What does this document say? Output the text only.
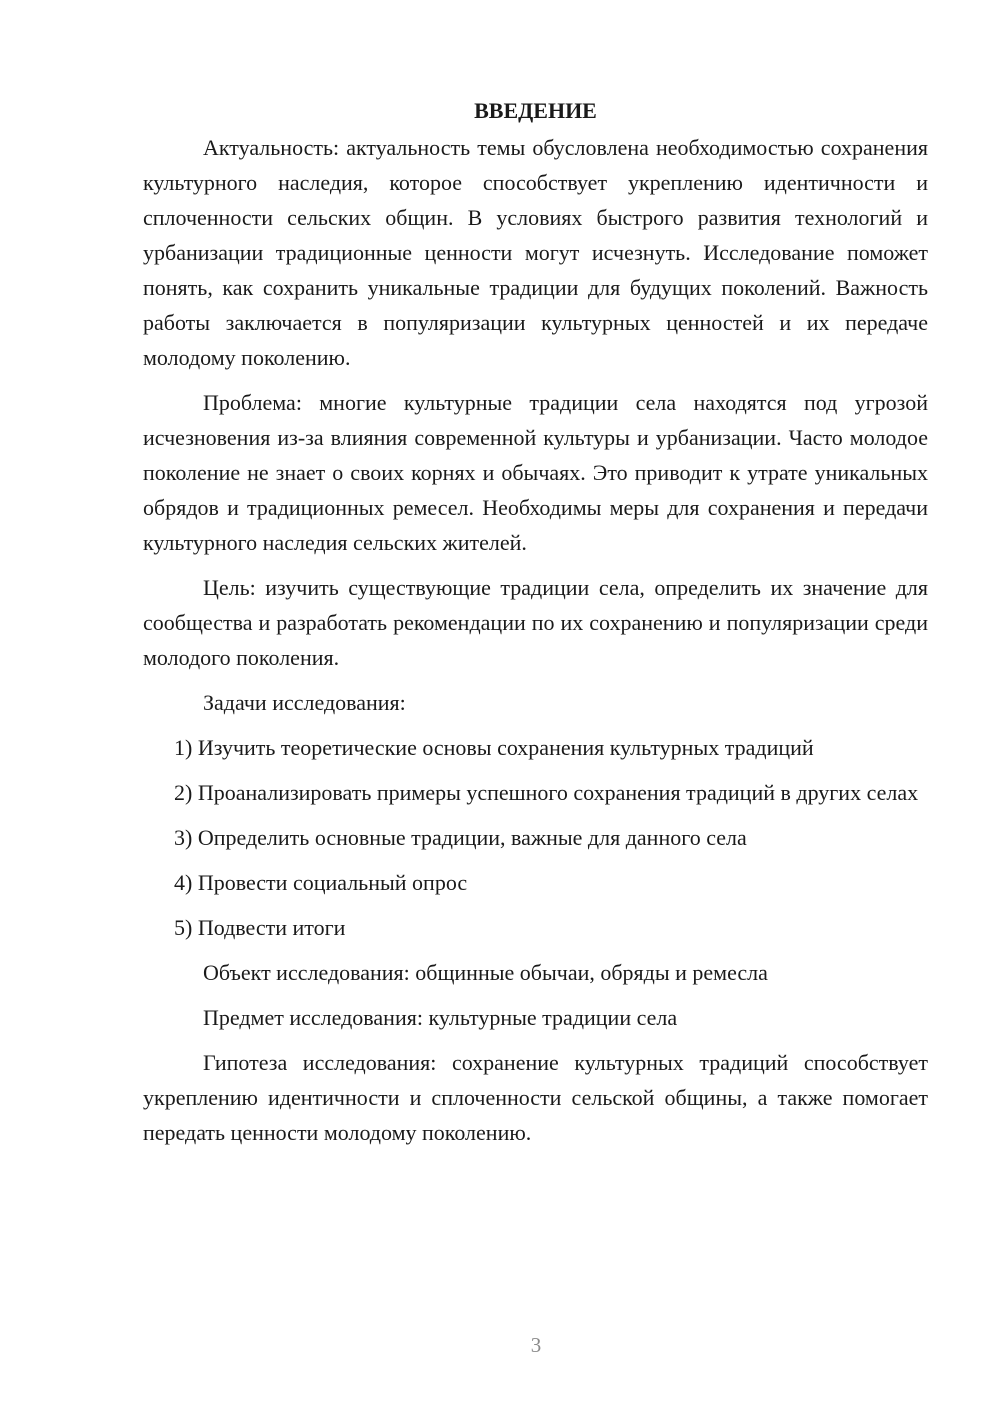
ВВЕДЕНИЕ

Актуальность: актуальность темы обусловлена необходимостью сохранения культурного наследия, которое способствует укреплению идентичности и сплоченности сельских общин. В условиях быстрого развития технологий и урбанизации традиционные ценности могут исчезнуть. Исследование поможет понять, как сохранить уникальные традиции для будущих поколений. Важность работы заключается в популяризации культурных ценностей и их передаче молодому поколению.

Проблема: многие культурные традиции села находятся под угрозой исчезновения из-за влияния современной культуры и урбанизации. Часто молодое поколение не знает о своих корнях и обычаях. Это приводит к утрате уникальных обрядов и традиционных ремесел. Необходимы меры для сохранения и передачи культурного наследия сельских жителей.

Цель: изучить существующие традиции села, определить их значение для сообщества и разработать рекомендации по их сохранению и популяризации среди молодого поколения.

Задачи исследования:

1) Изучить теоретические основы сохранения культурных традиций

2) Проанализировать примеры успешного сохранения традиций в других селах

3) Определить основные традиции, важные для данного села

4) Провести социальный опрос

5) Подвести итоги

Объект исследования: общинные обычаи, обряды и ремесла

Предмет исследования: культурные традиции села

Гипотеза исследования: сохранение культурных традиций способствует укреплению идентичности и сплоченности сельской общины, а также помогает передать ценности молодому поколению.

3
